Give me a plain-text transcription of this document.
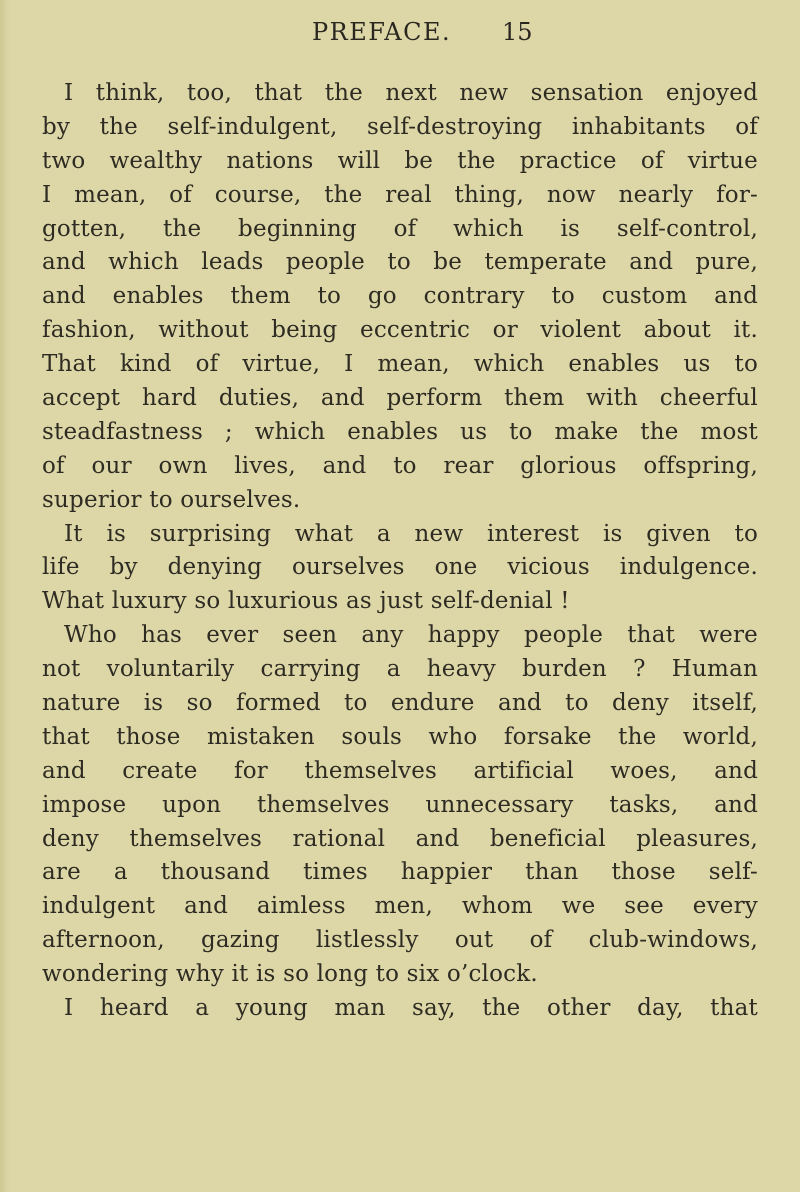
PREFACE. 15
I think, too, that the next new sensation enjoyed
by the self-indulgent, self-destroying inhabitants of
two wealthy nations will be the practice of virtue
I mean, of course, the real thing, now nearly for-
gotten, the beginning of which is self-control,
and which leads people to be temperate and pure,
and enables them to go contrary to custom and
fashion, without being eccentric or violent about it.
That kind of virtue, I mean, which enables us to
accept hard duties, and perform them with cheerful
steadfastness ; which enables us to make the most
of our own lives, and to rear glorious offspring,
superior to ourselves.
It is surprising what a new interest is given to
life by denying ourselves one vicious indulgence.
What luxury so luxurious as just self-denial !
Who has ever seen any happy people that were
not voluntarily carrying a heavy burden ? Human
nature is so formed to endure and to deny itself,
that those mistaken souls who forsake the world,
and create for themselves artificial woes, and
impose upon themselves unnecessary tasks, and
deny themselves rational and beneficial pleasures,
are a thousand times happier than those self-
indulgent and aimless men, whom we see every
afternoon, gazing listlessly out of club-windows,
wondering why it is so long to six o’clock.
I heard a young man say, the other day, that
